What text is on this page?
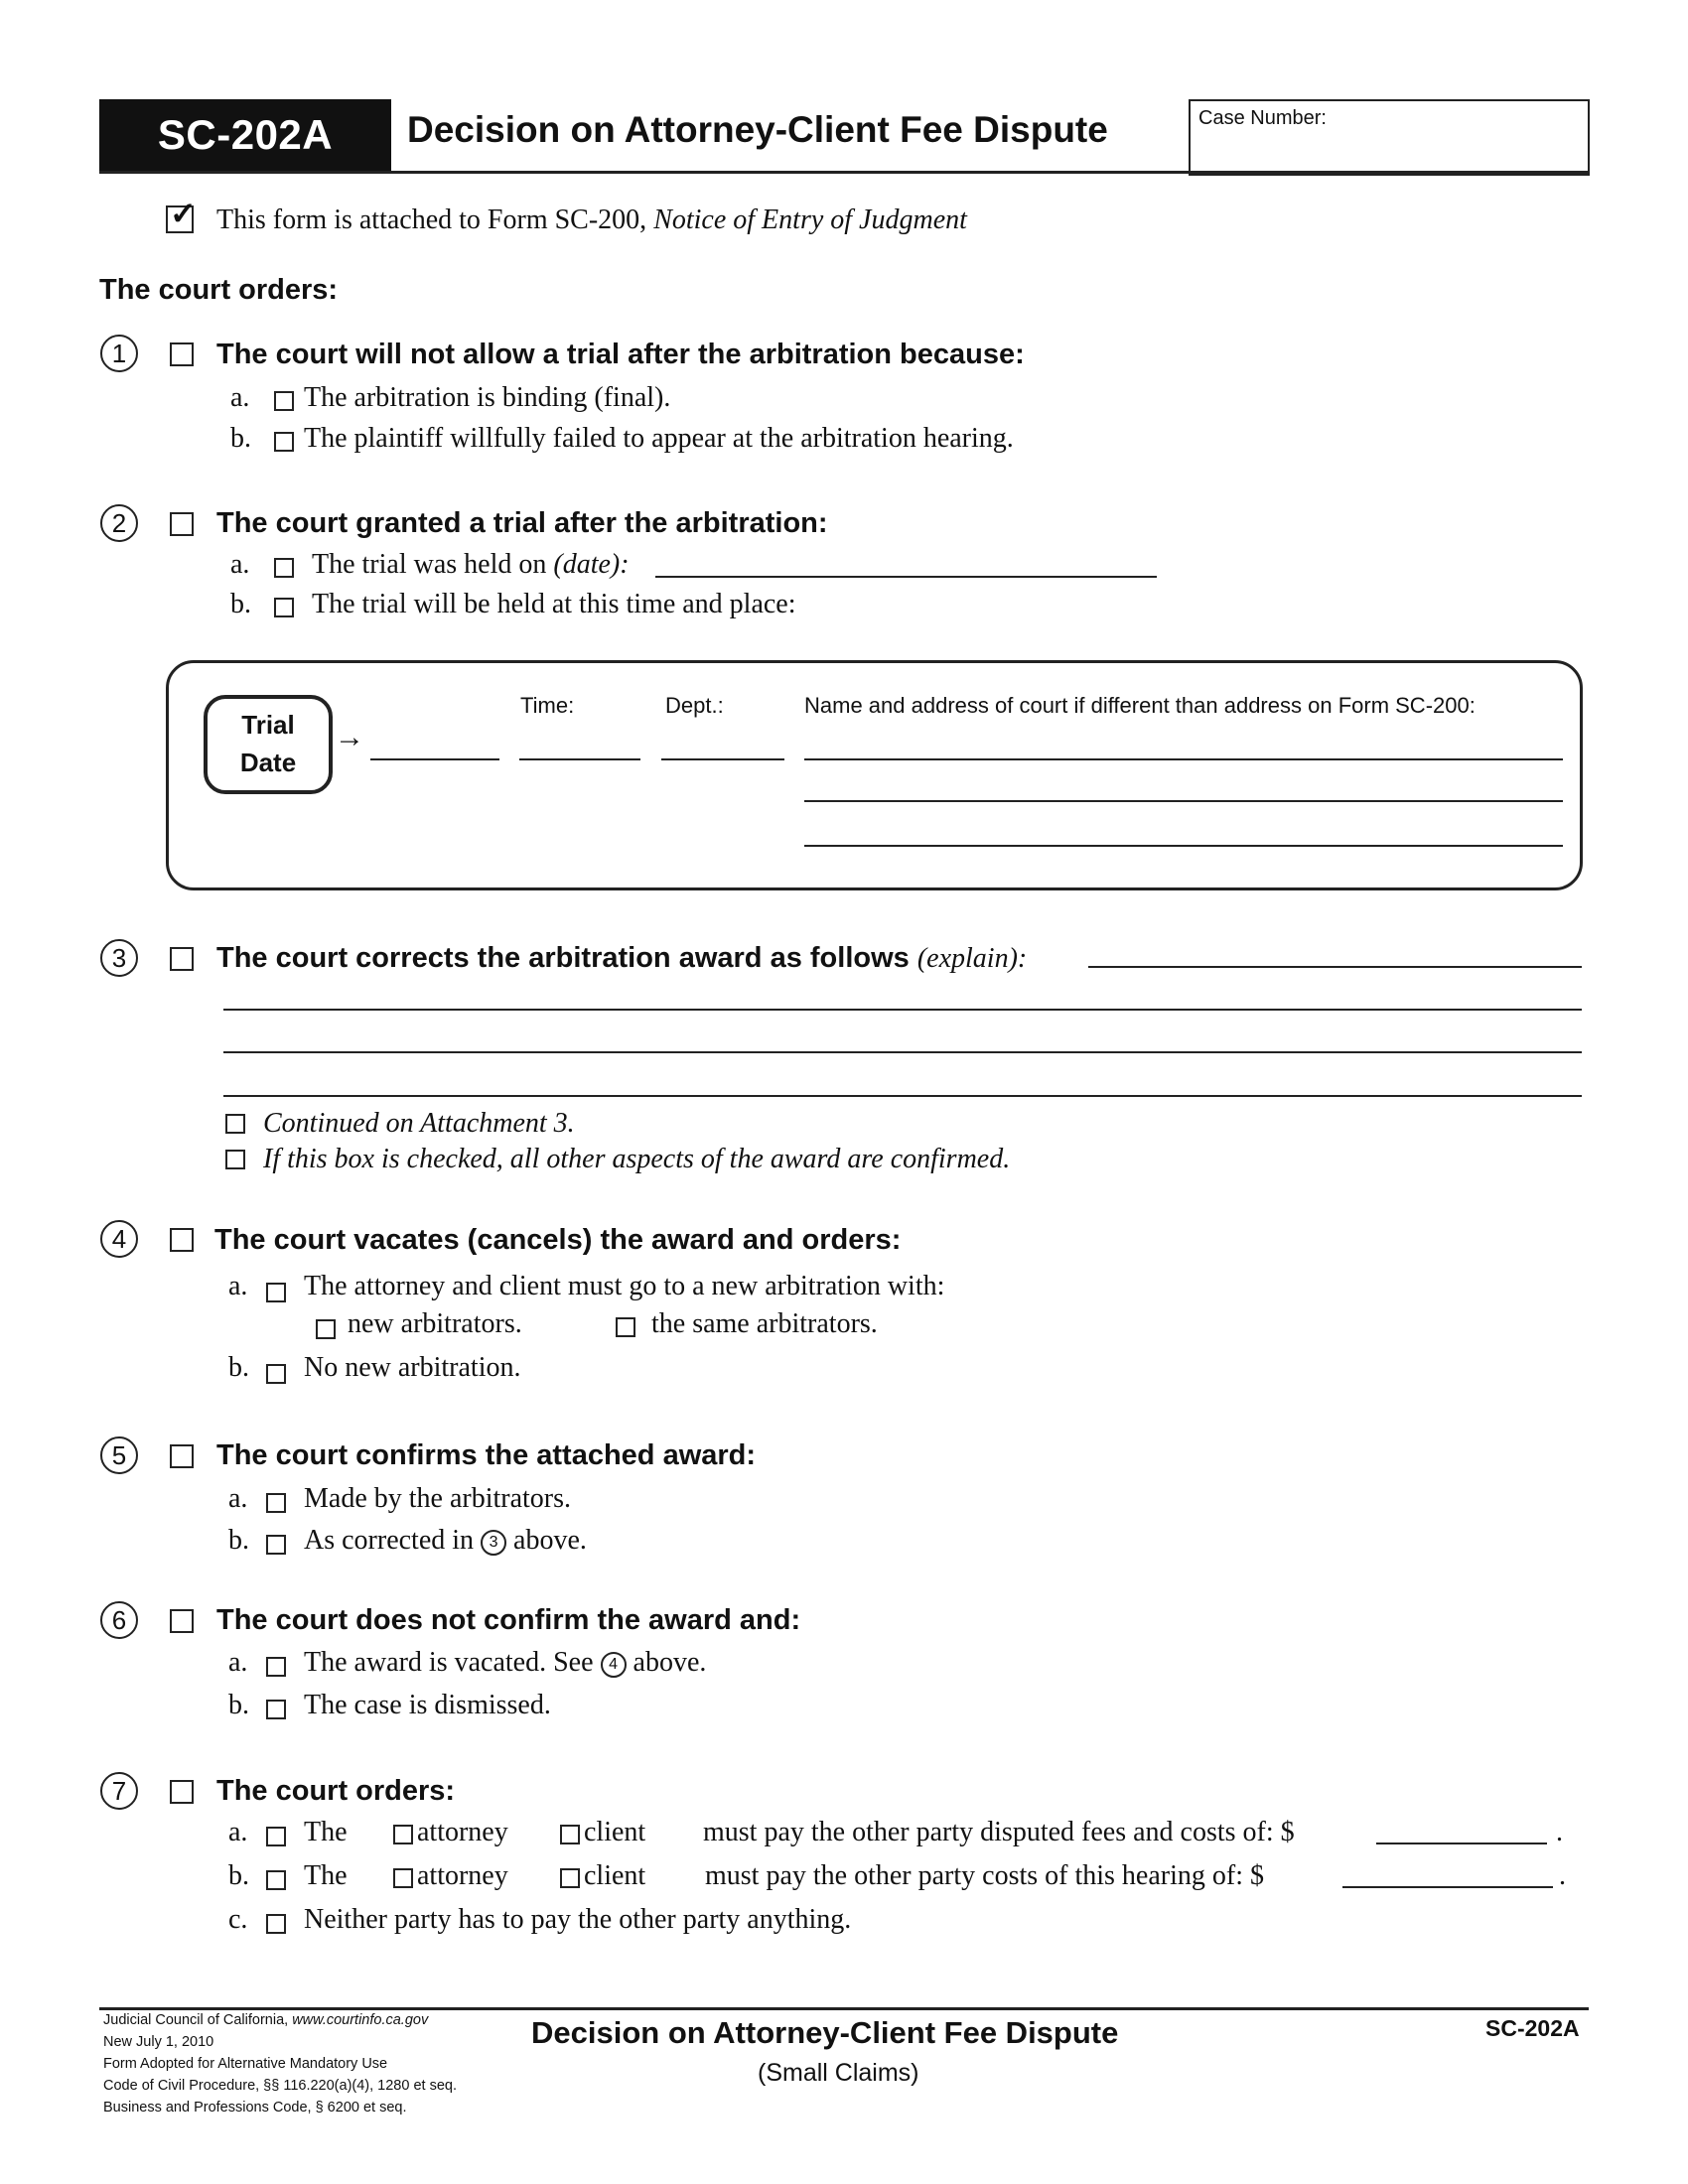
SC-202A	Decision on Attorney-Client Fee Dispute	Case Number:
✓ This form is attached to Form SC-200, Notice of Entry of Judgment
The court orders:
1	The court will not allow a trial after the arbitration because:
a. The arbitration is binding (final).
b. The plaintiff willfully failed to appear at the arbitration hearing.
2	The court granted a trial after the arbitration:
a. The trial was held on (date):
b. The trial will be held at this time and place:
Trial
Date
→
Time:	Dept.:	Name and address of court if different than address on Form SC-200:
3	The court corrects the arbitration award as follows (explain):
Continued on Attachment 3.
If this box is checked, all other aspects of the award are confirmed.
4	The court vacates (cancels) the award and orders:
a. The attorney and client must go to a new arbitration with:
new arbitrators.	the same arbitrators.
b. No new arbitration.
5	The court confirms the attached award:
a. Made by the arbitrators.
b. As corrected in 3 above.
6	The court does not confirm the award and:
a. The award is vacated. See 4 above.
b. The case is dismissed.
7	The court orders:
a. The	attorney	client must pay the other party disputed fees and costs of: $	.
b. The	attorney	client must pay the other party costs of this hearing of: $	.
c. Neither party has to pay the other party anything.
Judicial Council of California, www.courtinfo.ca.gov
New July 1, 2010
Form Adopted for Alternative Mandatory Use
Code of Civil Procedure, §§ 116.220(a)(4), 1280 et seq.
Business and Professions Code, § 6200 et seq.
Decision on Attorney-Client Fee Dispute
(Small Claims)
SC-202A
